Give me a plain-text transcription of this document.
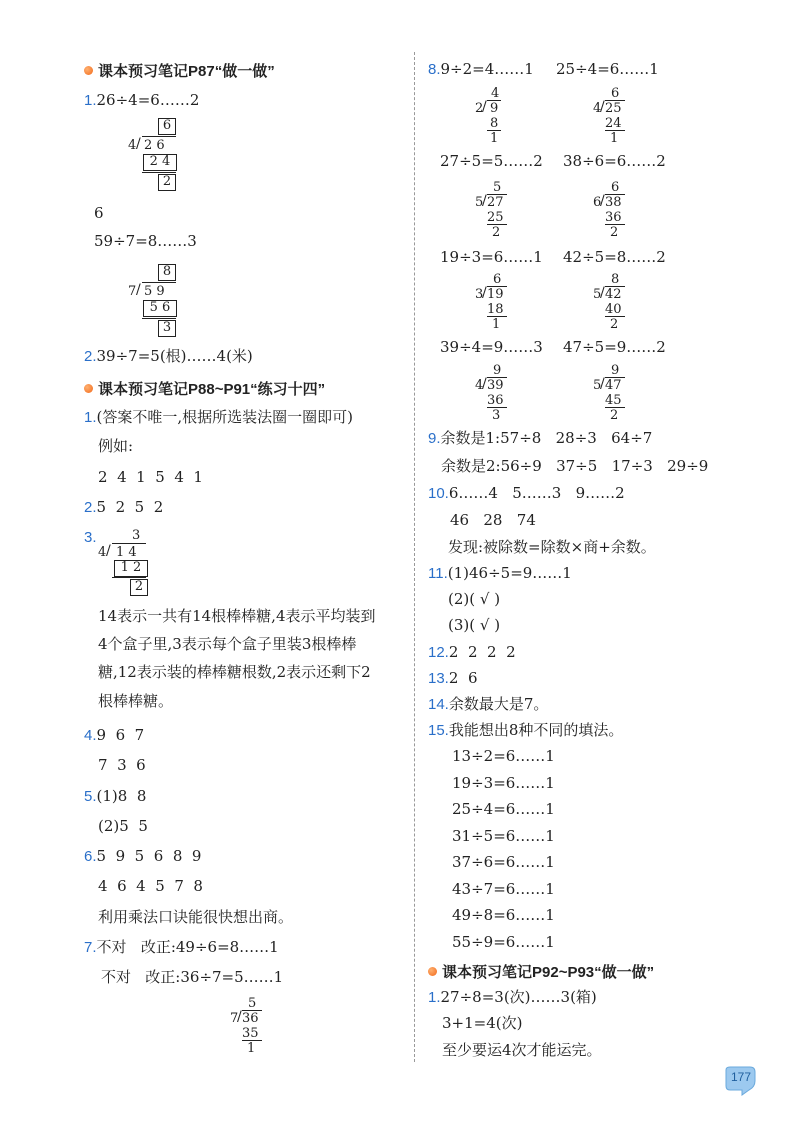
课本预习笔记P87“做一做”
1.26÷4=6……2
6
4 / 2 6
2 4
2
6
59÷7=8……3
8
7 / 5 9
5 6
3
2.39÷7=5(根)……4(米)
课本预习笔记P88~P91“练习十四”
1.(答案不唯一,根据所选装法圈一圈即可)
例如:
2  4  1  5  4  1
2.5  2  5  2
3.	3
4 / 1 4
1 2
2
14表示一共有14根棒棒糖,4表示平均装到
4个盒子里,3表示每个盒子里装3根棒棒
糖,12表示装的棒棒糖根数,2表示还剩下2
根棒棒糖。
4.9  6  7
7  3  6
5.(1)8  8
(2)5  5
6.5  9  5  6  8  9
4  6  4  5  7  8
利用乘法口诀能很快想出商。
7.不对   改正:49÷6=8……1
不对   改正:36÷7=5……1
5
7
/ 36
35
1
8.9÷2=4……1 25÷4=6……1
4
2
/ 9
8
1
6
4
/ 25
24
1
27÷5=5……2 38÷6=6……2
5
5
/ 27
25
2
6
6
/ 38
36
2
19÷3=6……1 42÷5=8……2
6
3
/ 19
18
1
8
5
/ 42
40
2
39÷4=9……3 47÷5=9……2
9
4
/ 39
36
3
9
5
/ 47
45
2
9.余数是1:57÷8   28÷3   64÷7
余数是2:56÷9   37÷5   17÷3   29÷9
10.6……4   5……3   9……2
46   28   74
发现:被除数=除数×商+余数。
11.(1)46÷5=9……1
(2)( √ )
(3)( √ )
12.2  2  2  2
13.2  6
14.余数最大是7。
15.我能想出8种不同的填法。
13÷2=6……1
19÷3=6……1
25÷4=6……1
31÷5=6……1
37÷6=6……1
43÷7=6……1
49÷8=6……1
55÷9=6……1
课本预习笔记P92~P93“做一做”
1.27÷8=3(次)……3(箱)
3+1=4(次)
至少要运4次才能运完。
177
